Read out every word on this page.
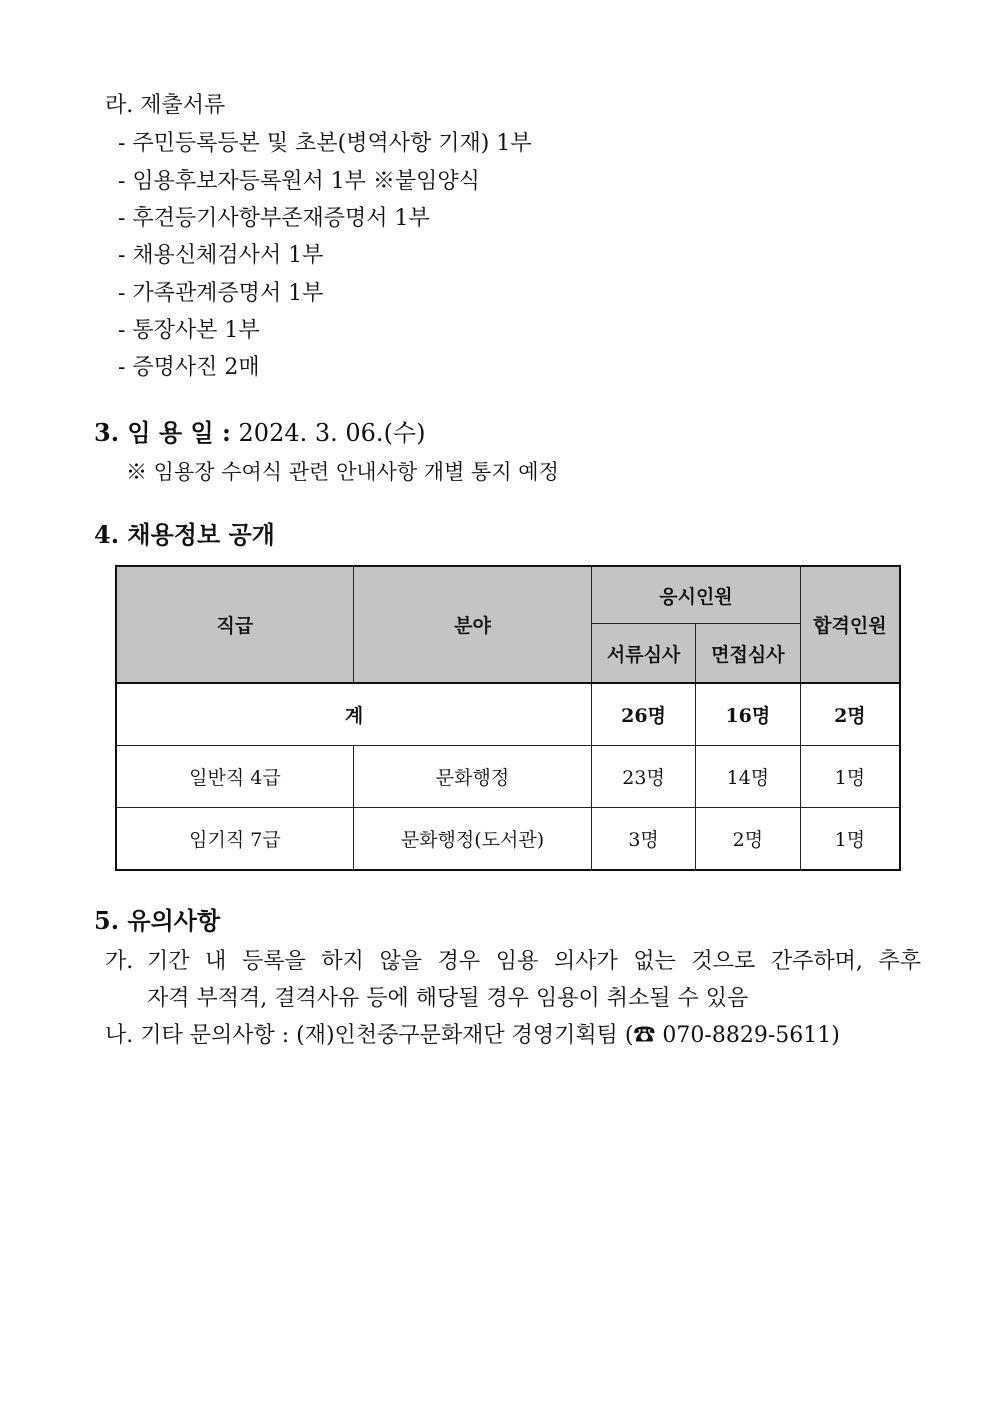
라. 제출서류
- 주민등록등본 및 초본(병역사항 기재) 1부
- 임용후보자등록원서 1부 ※붙임양식
- 후견등기사항부존재증명서 1부
- 채용신체검사서 1부
- 가족관계증명서 1부
- 통장사본 1부
- 증명사진 2매
3. 임 용 일 : 2024. 3. 06.(수)
※ 임용장 수여식 관련 안내사항 개별 통지 예정
4. 채용정보 공개
직급	분야	응시인원		합격인원
		서류심사	면접심사	
계		26명	16명	2명
일반직 4급	문화행정	23명	14명	1명
임기직 7급	문화행정(도서관)	3명	2명	1명
5. 유의사항
가. 기간 내 등록을 하지 않을 경우 임용 의사가 없는 것으로 간주하며, 추후
자격 부적격, 결격사유 등에 해당될 경우 임용이 취소될 수 있음
나. 기타 문의사항 : (재)인천중구문화재단 경영기획팀 (☎ 070-8829-5611)
